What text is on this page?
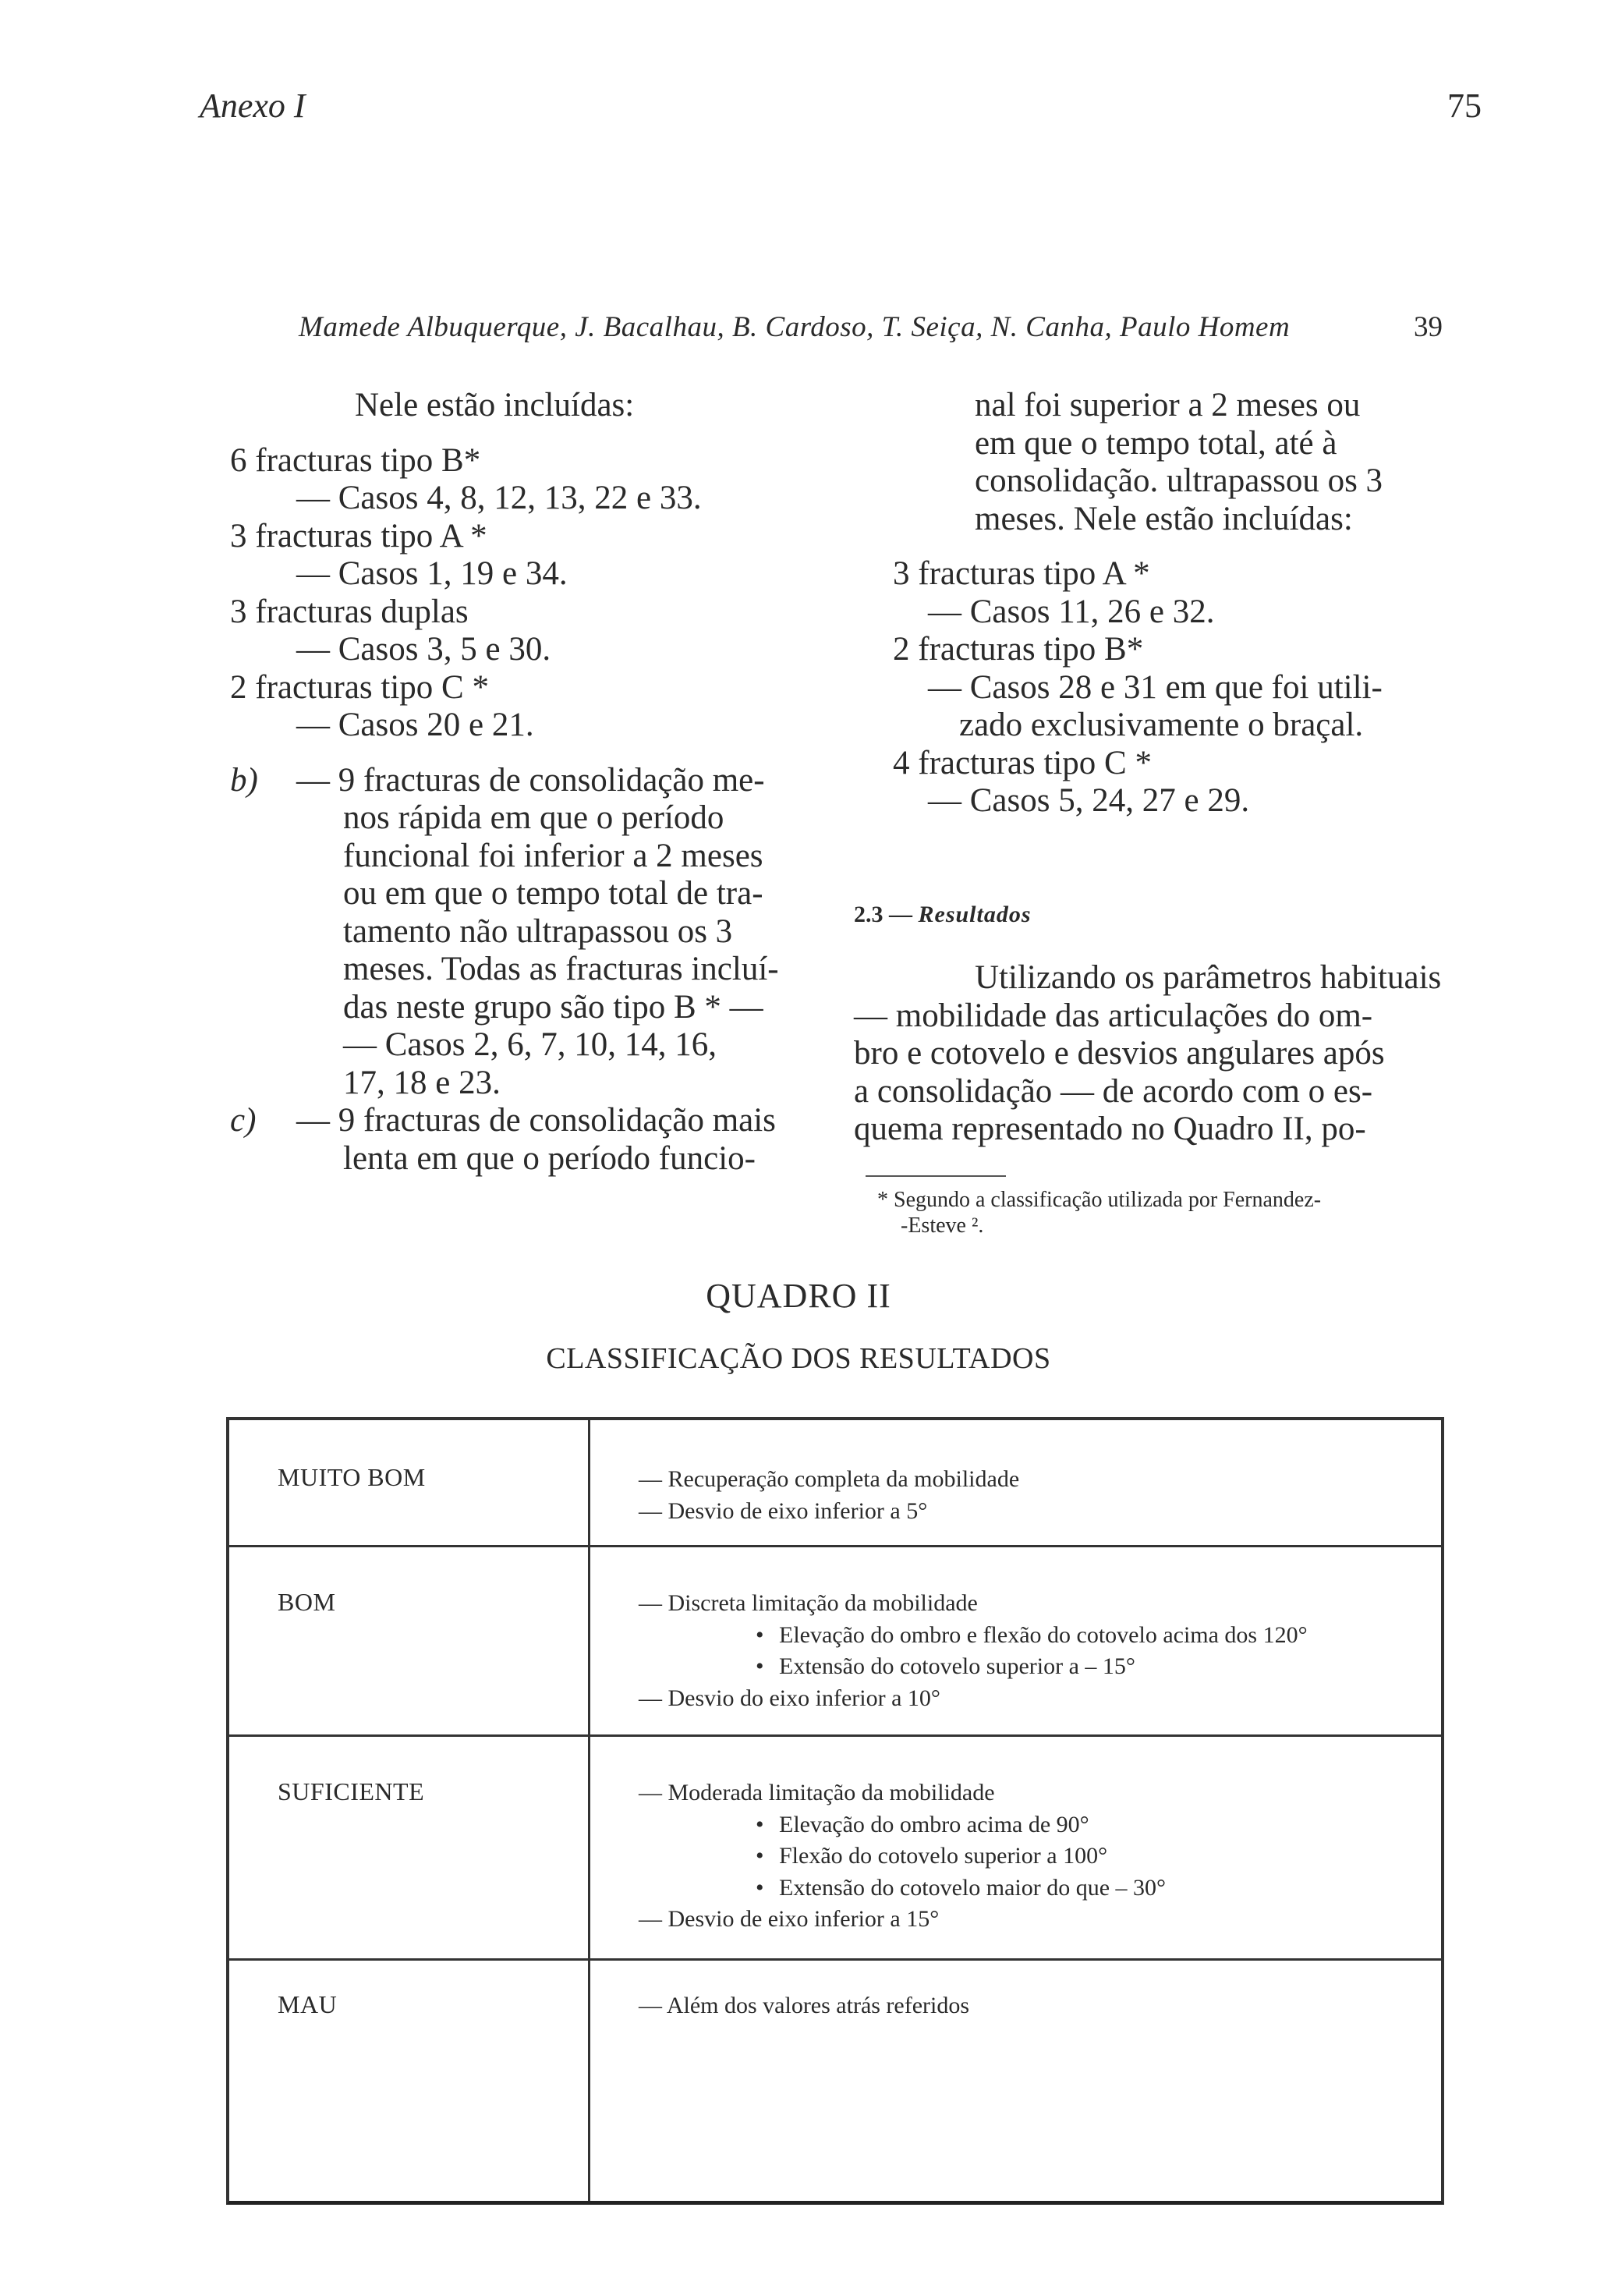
Anexo I	75
Mamede Albuquerque, J. Bacalhau, B. Cardoso, T. Seiça, N. Canha, Paulo Homem	39

Nele estão incluídas:

6 fracturas tipo B*

— Casos 4, 8, 12, 13, 22 e 33.

3 fracturas tipo A *

— Casos 1, 19 e 34.

3 fracturas duplas

— Casos 3, 5 e 30.

2 fracturas tipo C *

— Casos 20 e 21.

b) — 9 fracturas de consolidação me-

nos rápida em que o período

funcional foi inferior a 2 meses

ou em que o tempo total de tra-

tamento não ultrapassou os 3

meses. Todas as fracturas incluí-

das neste grupo são tipo B * —

— Casos 2, 6, 7, 10, 14, 16,

17, 18 e 23.

c) — 9 fracturas de consolidação mais

lenta em que o período funcio-

nal foi superior a 2 meses ou

em que o tempo total, até à

consolidação. ultrapassou os 3

meses. Nele estão incluídas:

3 fracturas tipo A *

— Casos 11, 26 e 32.

2 fracturas tipo B*

— Casos 28 e 31 em que foi utili-

zado exclusivamente o braçal.

4 fracturas tipo C *

— Casos 5, 24, 27 e 29.

2.3 — Resultados

Utilizando os parâmetros habituais

— mobilidade das articulações do om-

bro e cotovelo e desvios angulares após

a consolidação — de acordo com o es-

quema representado no Quadro II, po-

* Segundo a classificação utilizada por Fernandez-

-Esteve ².

QUADRO II
CLASSIFICAÇÃO DOS RESULTADOS
MUITO BOM	— Recuperação completa da mobilidade

— Desvio de eixo inferior a 5°

BOM	— Discreta limitação da mobilidade

• Elevação do ombro e flexão do cotovelo acima dos 120°

• Extensão do cotovelo superior a – 15°

— Desvio do eixo inferior a 10°

SUFICIENTE	— Moderada limitação da mobilidade

• Elevação do ombro acima de 90°

• Flexão do cotovelo superior a 100°

• Extensão do cotovelo maior do que – 30°

— Desvio de eixo inferior a 15°

MAU	— Além dos valores atrás referidos
